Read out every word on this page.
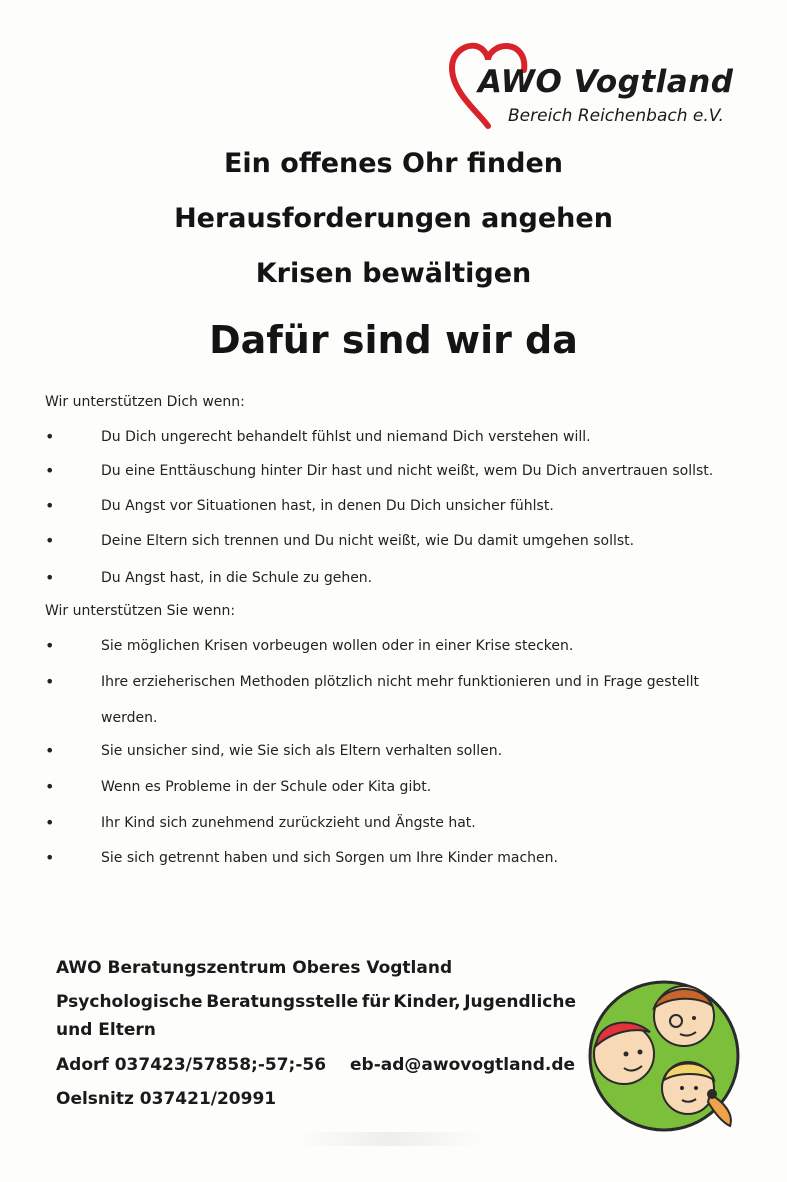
AWO Vogtland
Bereich Reichenbach e.V.
Ein offenes Ohr finden
Herausforderungen angehen
Krisen bewältigen
Dafür sind wir da
Wir unterstützen Dich wenn:
•	Du Dich ungerecht behandelt fühlst und niemand Dich verstehen will.
•	Du eine Enttäuschung hinter Dir hast und nicht weißt, wem Du Dich anvertrauen sollst.
•	Du Angst vor Situationen hast, in denen Du Dich unsicher fühlst.
•	Deine Eltern sich trennen und Du nicht weißt, wie Du damit umgehen sollst.
•	Du Angst hast, in die Schule zu gehen.
Wir unterstützen Sie wenn:
•	Sie möglichen Krisen vorbeugen wollen oder in einer Krise stecken.
•	Ihre erzieherischen Methoden plötzlich nicht mehr funktionieren und in Frage gestellt
werden.
•	Sie unsicher sind, wie Sie sich als Eltern verhalten sollen.
•	Wenn es Probleme in der Schule oder Kita gibt.
•	Ihr Kind sich zunehmend zurückzieht und Ängste hat.
•	Sie sich getrennt haben und sich Sorgen um Ihre Kinder machen.
AWO Beratungszentrum Oberes Vogtland
Psychologische Beratungsstelle für Kinder, Jugendliche
und Eltern
Adorf 037423/57858;-57;-56 eb-ad@awovogtland.de
Oelsnitz 037421/20991
